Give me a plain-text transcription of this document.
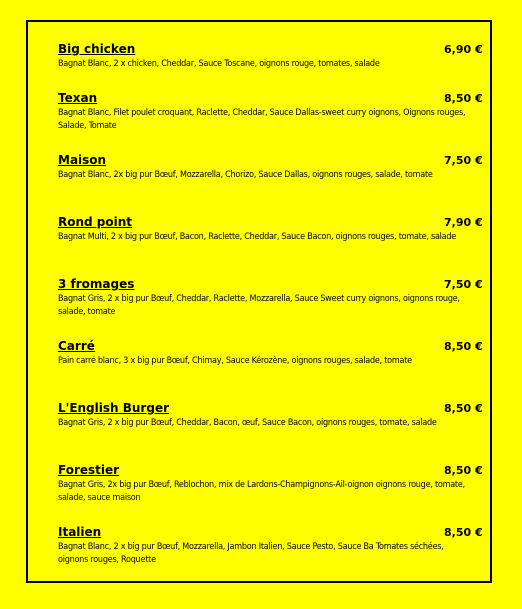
Big chicken	6,90 €

Bagnat Blanc, 2 x chicken, Cheddar, Sauce Toscane, oignons rouge, tomates, salade

Texan	8,50 €

Bagnat Blanc, Filet poulet croquant, Raclette, Cheddar, Sauce Dallas-sweet curry oignons, Oignons rouges, Salade, Tomate

Maison	7,50 €

Bagnat Blanc, 2x big pur Bœuf, Mozzarella, Chorizo, Sauce Dallas, oignons rouges, salade, tomate

Rond point	7,90 €

Bagnat Multi, 2 x big pur Bœuf, Bacon, Raclette, Cheddar, Sauce Bacon, oignons rouges, tomate, salade

3 fromages	7,50 €

Bagnat Gris, 2 x big pur Bœuf, Cheddar, Raclette, Mozzarella, Sauce Sweet curry oignons, oignons rouge, salade, tomate

Carré	8,50 €

Pain carré blanc, 3 x big pur Bœuf, Chimay, Sauce Kérozène, oignons rouges, salade, tomate

L'English Burger	8,50 €

Bagnat Gris, 2 x big pur Bœuf, Cheddar, Bacon, œuf, Sauce Bacon, oignons rouges, tomate, salade

Forestier	8,50 €

Bagnat Gris, 2x big pur Bœuf, Reblochon, mix de Lardons-Champignons-Ail-oignon oignons rouge, tomate, salade, sauce maison

Italien	8,50 €

Bagnat Blanc, 2 x big pur Bœuf, Mozzarella, Jambon Italien, Sauce Pesto, Sauce Ba Tomates séchées, oignons rouges, Roquette
